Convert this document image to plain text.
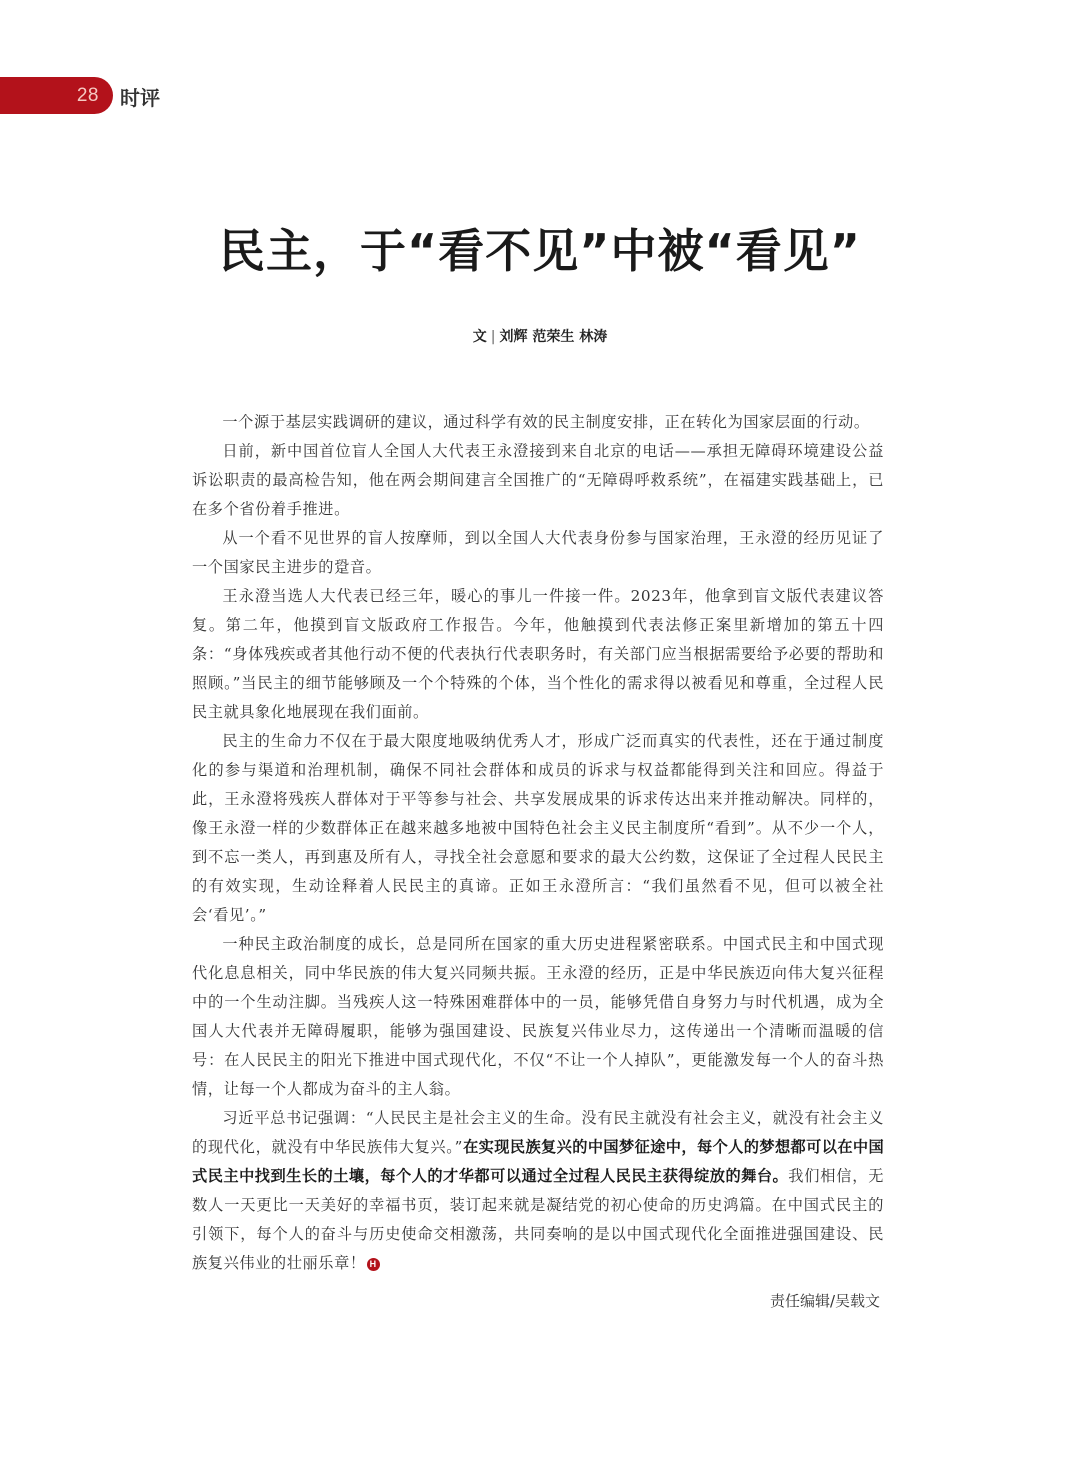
28 时评
民主，于“看不见”中被“看见”
文 | 刘辉 范荣生 林涛

一个源于基层实践调研的建议，通过科学有效的民主制度安排，正在转化为国家层面的行动。

日前，新中国首位盲人全国人大代表王永澄接到来自北京的电话——承担无障碍环境建设公益诉讼职责的最高检告知，他在两会期间建言全国推广的“无障碍呼救系统”，在福建实践基础上，已在多个省份着手推进。

从一个看不见世界的盲人按摩师，到以全国人大代表身份参与国家治理，王永澄的经历见证了一个国家民主进步的跫音。

王永澄当选人大代表已经三年，暖心的事儿一件接一件。2023年，他拿到盲文版代表建议答复。第二年，他摸到盲文版政府工作报告。今年，他触摸到代表法修正案里新增加的第五十四条：“身体残疾或者其他行动不便的代表执行代表职务时，有关部门应当根据需要给予必要的帮助和照顾。”当民主的细节能够顾及一个个特殊的个体，当个性化的需求得以被看见和尊重，全过程人民民主就具象化地展现在我们面前。

民主的生命力不仅在于最大限度地吸纳优秀人才，形成广泛而真实的代表性，还在于通过制度化的参与渠道和治理机制，确保不同社会群体和成员的诉求与权益都能得到关注和回应。得益于此，王永澄将残疾人群体对于平等参与社会、共享发展成果的诉求传达出来并推动解决。同样的，像王永澄一样的少数群体正在越来越多地被中国特色社会主义民主制度所“看到”。从不少一个人，到不忘一类人，再到惠及所有人，寻找全社会意愿和要求的最大公约数，这保证了全过程人民民主的有效实现，生动诠释着人民民主的真谛。正如王永澄所言：“我们虽然看不见，但可以被全社会‘看见’。”

一种民主政治制度的成长，总是同所在国家的重大历史进程紧密联系。中国式民主和中国式现代化息息相关，同中华民族的伟大复兴同频共振。王永澄的经历，正是中华民族迈向伟大复兴征程中的一个生动注脚。当残疾人这一特殊困难群体中的一员，能够凭借自身努力与时代机遇，成为全国人大代表并无障碍履职，能够为强国建设、民族复兴伟业尽力，这传递出一个清晰而温暖的信号：在人民民主的阳光下推进中国式现代化，不仅“不让一个人掉队”，更能激发每一个人的奋斗热情，让每一个人都成为奋斗的主人翁。

习近平总书记强调：“人民民主是社会主义的生命。没有民主就没有社会主义，就没有社会主义的现代化，就没有中华民族伟大复兴。”在实现民族复兴的中国梦征途中，每个人的梦想都可以在中国式民主中找到生长的土壤，每个人的才华都可以通过全过程人民民主获得绽放的舞台。我们相信，无数人一天更比一天美好的幸福书页，装订起来就是凝结党的初心使命的历史鸿篇。在中国式民主的引领下，每个人的奋斗与历史使命交相激荡，共同奏响的是以中国式现代化全面推进强国建设、民族复兴伟业的壮丽乐章！ H

责任编辑/吴载文
